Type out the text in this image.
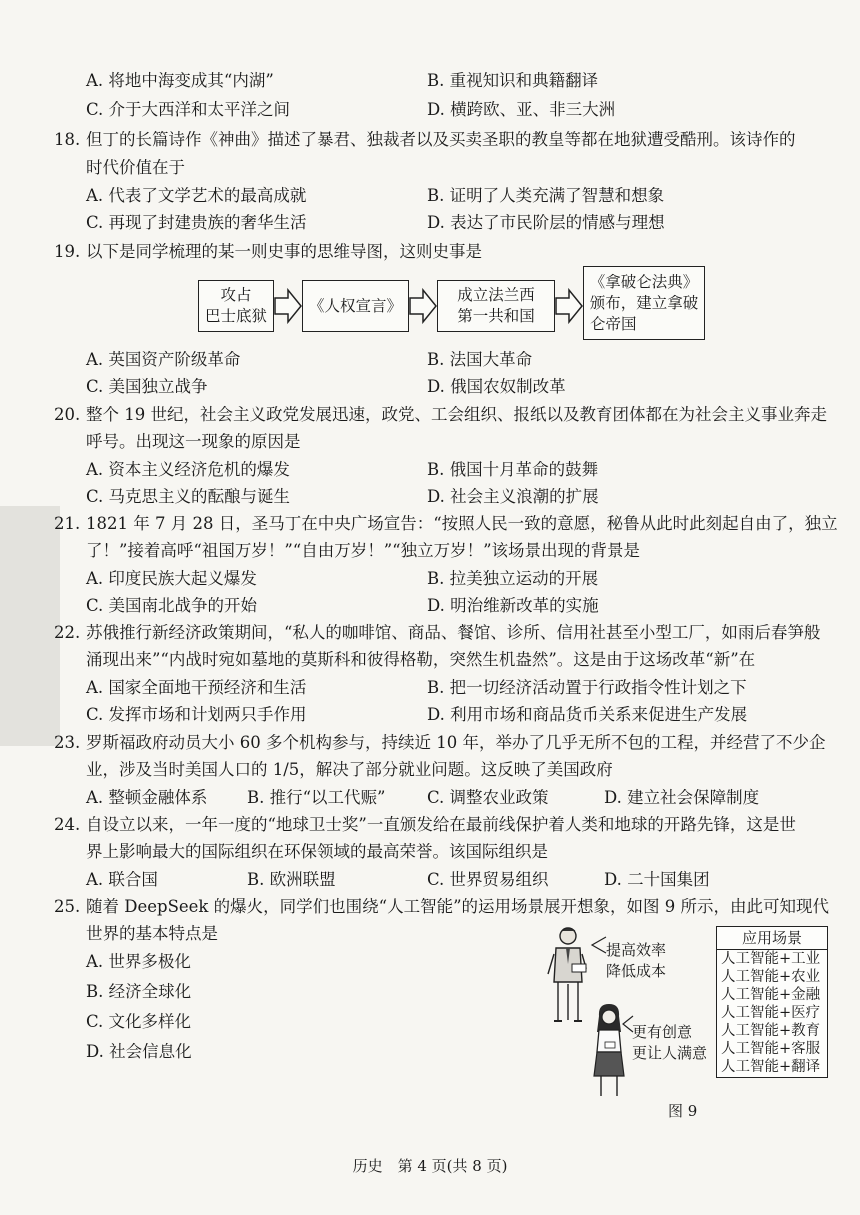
A. 将地中海变成其“内湖”	B. 重视知识和典籍翻译
C. 介于大西洋和太平洋之间	D. 横跨欧、亚、非三大洲
18. 但丁的长篇诗作《神曲》描述了暴君、独裁者以及买卖圣职的教皇等都在地狱遭受酷刑。该诗作的
时代价值在于
A. 代表了文学艺术的最高成就	B. 证明了人类充满了智慧和想象
C. 再现了封建贵族的奢华生活	D. 表达了市民阶层的情感与理想
19. 以下是同学梳理的某一则史事的思维导图，这则史事是
攻占
巴士底狱
《人权宣言》
成立法兰西
第一共和国
《拿破仑法典》
颁布，建立拿破
仑帝国
A. 英国资产阶级革命	B. 法国大革命
C. 美国独立战争	D. 俄国农奴制改革
20. 整个 19 世纪，社会主义政党发展迅速，政党、工会组织、报纸以及教育团体都在为社会主义事业奔走
呼号。出现这一现象的原因是
A. 资本主义经济危机的爆发	B. 俄国十月革命的鼓舞
C. 马克思主义的酝酿与诞生	D. 社会主义浪潮的扩展
21. 1821 年 7 月 28 日，圣马丁在中央广场宣告：“按照人民一致的意愿，秘鲁从此时此刻起自由了，独立
了！”接着高呼“祖国万岁！”“自由万岁！”“独立万岁！”该场景出现的背景是
A. 印度民族大起义爆发	B. 拉美独立运动的开展
C. 美国南北战争的开始	D. 明治维新改革的实施
22. 苏俄推行新经济政策期间，“私人的咖啡馆、商品、餐馆、诊所、信用社甚至小型工厂，如雨后春笋般
涌现出来”“内战时宛如墓地的莫斯科和彼得格勒，突然生机盎然”。这是由于这场改革“新”在
A. 国家全面地干预经济和生活	B. 把一切经济活动置于行政指令性计划之下
C. 发挥市场和计划两只手作用	D. 利用市场和商品货币关系来促进生产发展
23. 罗斯福政府动员大小 60 多个机构参与，持续近 10 年，举办了几乎无所不包的工程，并经营了不少企
业，涉及当时美国人口的 1/5，解决了部分就业问题。这反映了美国政府
A. 整顿金融体系 B. 推行“以工代赈”	C. 调整农业政策	D. 建立社会保障制度
24. 自设立以来，一年一度的“地球卫士奖”一直颁发给在最前线保护着人类和地球的开路先锋，这是世
界上影响最大的国际组织在环保领域的最高荣誉。该国际组织是
A. 联合国	B. 欧洲联盟	C. 世界贸易组织	D. 二十国集团
25. 随着 DeepSeek 的爆火，同学们也围绕“人工智能”的运用场景展开想象，如图 9 所示，由此可知现代
世界的基本特点是
A. 世界多极化
B. 经济全球化
C. 文化多样化
D. 社会信息化
提高效率
降低成本
更有创意
更让人满意
应用场景
人工智能+工业
人工智能+农业
人工智能+金融
人工智能+医疗
人工智能+教育
人工智能+客服
人工智能+翻译
图 9
历史　第 4 页(共 8 页)
